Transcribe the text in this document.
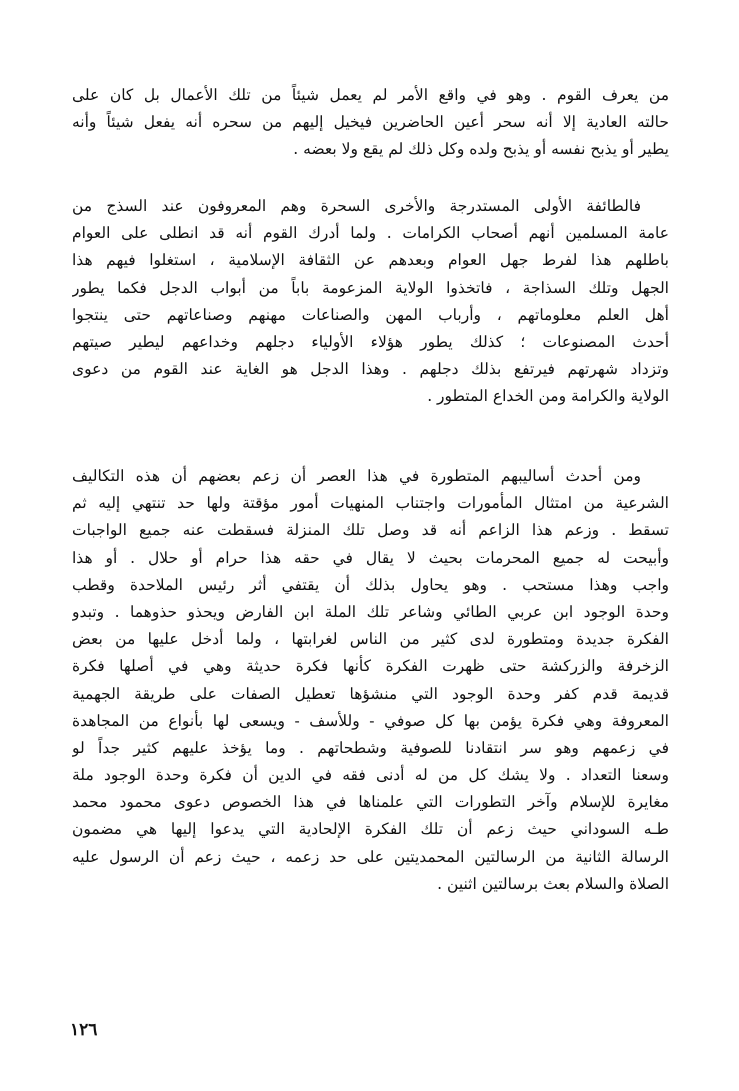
من يعرف القوم . وهو في واقع الأمر لم يعمل شيئاً من تلك الأعمال بل كان على
حالته العادية إلا أنه سحر أعين الحاضرين فيخيل إليهم من سحره أنه يفعل شيئاً وأنه
يطير أو يذبح نفسه أو يذبح ولده وكل ذلك لم يقع ولا بعضه .
فالطائفة الأولى المستدرجة والأخرى السحرة وهم المعروفون عند السذج من
عامة المسلمين أنهم أصحاب الكرامات . ولما أدرك القوم أنه قد انطلى على العوام
باطلهم هذا لفرط جهل العوام وبعدهم عن الثقافة الإسلامية ، استغلوا فيهم هذا
الجهل وتلك السذاجة ، فاتخذوا الولاية المزعومة باباً من أبواب الدجل فكما يطور
أهل العلم معلوماتهم ، وأرباب المهن والصناعات مهنهم وصناعاتهم حتى ينتجوا
أحدث المصنوعات ؛ كذلك يطور هؤلاء الأولياء دجلهم وخداعهم ليطير صيتهم
وتزداد شهرتهم فيرتفع بذلك دجلهم . وهذا الدجل هو الغاية عند القوم من دعوى
الولاية والكرامة ومن الخداع المتطور .
ومن أحدث أساليبهم المتطورة في هذا العصر أن زعم بعضهم أن هذه التكاليف
الشرعية من امتثال المأمورات واجتناب المنهيات أمور مؤقتة ولها حد تنتهي إليه ثم
تسقط . وزعم هذا الزاعم أنه قد وصل تلك المنزلة فسقطت عنه جميع الواجبات
وأبيحت له جميع المحرمات بحيث لا يقال في حقه هذا حرام أو حلال . أو هذا
واجب وهذا مستحب . وهو يحاول بذلك أن يقتفي أثر رئيس الملاحدة وقطب
وحدة الوجود ابن عربي الطائي وشاعر تلك الملة ابن الفارض ويحذو حذوهما . وتبدو
الفكرة جديدة ومتطورة لدى كثير من الناس لغرابتها ، ولما أدخل عليها من بعض
الزخرفة والزركشة حتى ظهرت الفكرة كأنها فكرة حديثة وهي في أصلها فكرة
قديمة قدم كفر وحدة الوجود التي منشؤها تعطيل الصفات على طريقة الجهمية
المعروفة وهي فكرة يؤمن بها كل صوفي - وللأسف - ويسعى لها بأنواع من المجاهدة
في زعمهم وهو سر انتقادنا للصوفية وشطحاتهم . وما يؤخذ عليهم كثير جداً لو
وسعنا التعداد . ولا يشك كل من له أدنى فقه في الدين أن فكرة وحدة الوجود ملة
مغايرة للإسلام وآخر التطورات التي علمناها في هذا الخصوص دعوى محمود محمد
طـه السوداني حيث زعم أن تلك الفكرة الإلحادية التي يدعوا إليها هي مضمون
الرسالة الثانية من الرسالتين المحمديتين على حد زعمه ، حيث زعم أن الرسول عليه
الصلاة والسلام بعث برسالتين اثنين .
١٢٦
